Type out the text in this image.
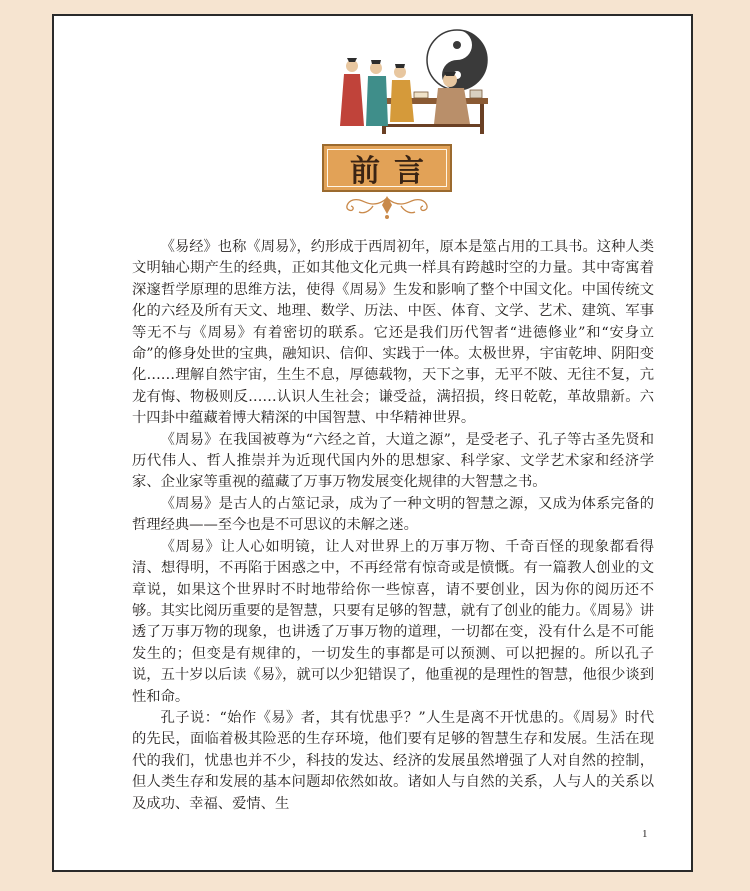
前言

《易经》也称《周易》，约形成于西周初年，原本是筮占用的工具书。这种人类文明轴心期产生的经典，正如其他文化元典一样具有跨越时空的力量。其中寄寓着深邃哲学原理的思维方法，使得《周易》生发和影响了整个中国文化。中国传统文化的六经及所有天文、地理、数学、历法、中医、体育、文学、艺术、建筑、军事等无不与《周易》有着密切的联系。它还是我们历代智者“进德修业”和“安身立命”的修身处世的宝典，融知识、信仰、实践于一体。太极世界，宇宙乾坤、阴阳变化……理解自然宇宙，生生不息，厚德载物，天下之事，无平不陂、无往不复，亢龙有悔、物极则反……认识人生社会；谦受益，满招损，终日乾乾，革故鼎新。六十四卦中蕴藏着博大精深的中国智慧、中华精神世界。

《周易》在我国被尊为“六经之首，大道之源”，是受老子、孔子等古圣先贤和历代伟人、哲人推崇并为近现代国内外的思想家、科学家、文学艺术家和经济学家、企业家等重视的蕴藏了万事万物发展变化规律的大智慧之书。

《周易》是古人的占筮记录，成为了一种文明的智慧之源，又成为体系完备的哲理经典——至今也是不可思议的未解之迷。

《周易》让人心如明镜，让人对世界上的万事万物、千奇百怪的现象都看得清、想得明，不再陷于困惑之中，不再经常有惊奇或是愤慨。有一篇教人创业的文章说，如果这个世界时不时地带给你一些惊喜，请不要创业，因为你的阅历还不够。其实比阅历重要的是智慧，只要有足够的智慧，就有了创业的能力。《周易》讲透了万事万物的现象，也讲透了万事万物的道理，一切都在变，没有什么是不可能发生的；但变是有规律的，一切发生的事都是可以预测、可以把握的。所以孔子说，五十岁以后读《易》，就可以少犯错误了，他重视的是理性的智慧，他很少谈到性和命。

孔子说：“始作《易》者，其有忧患乎？”人生是离不开忧患的。《周易》时代的先民，面临着极其险恶的生存环境，他们要有足够的智慧生存和发展。生活在现代的我们，忧患也并不少，科技的发达、经济的发展虽然增强了人对自然的控制，但人类生存和发展的基本问题却依然如故。诸如人与自然的关系，人与人的关系以及成功、幸福、爱情、生

1
